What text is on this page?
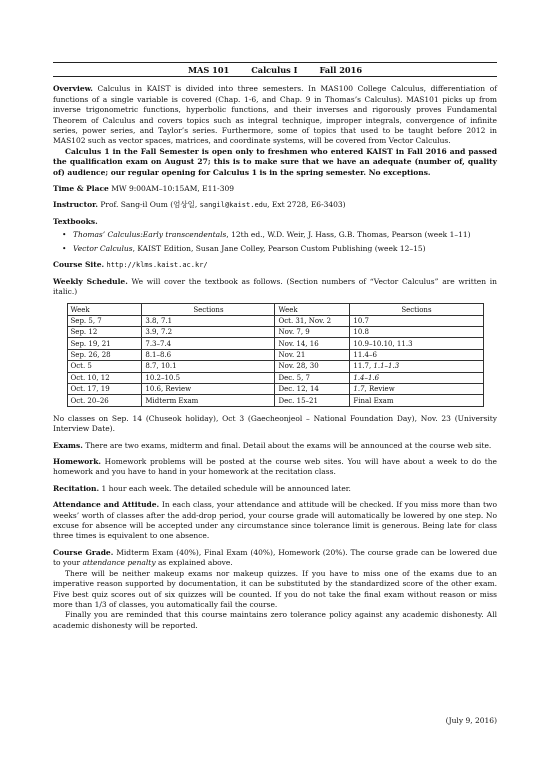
MAS 101	Calculus I	Fall 2016

Overview. Calculus in KAIST is divided into three semesters. In MAS100 College Calculus, differentiation of functions of a single variable is covered (Chap. 1-6, and Chap. 9 in Thomas’s Calculus). MAS101 picks up from inverse trigonometric functions, hyperbolic functions, and their inverses and rigorously proves Fundamental Theorem of Calculus and covers topics such as integral technique, improper integrals, convergence of infinite series, power series, and Taylor’s series. Furthermore, some of topics that used to be taught before 2012 in MAS102 such as vector spaces, matrices, and coordinate systems, will be covered from Vector Calculus.

Calculus 1 in the Fall Semester is open only to freshmen who entered KAIST in Fall 2016 and passed the qualification exam on August 27; this is to make sure that we have an adequate (number of, quality of) audience; our regular opening for Calculus 1 is in the spring semester. No exceptions.

Time & Place MW 9:00AM–10:15AM, E11-309

Instructor. Prof. Sang-il Oum (엄상일, sangil@kaist.edu, Ext 2728, E6-3403)

Textbooks.

• Thomas’ Calculus:Early transcendentals, 12th ed., W.D. Weir, J. Hass, G.B. Thomas, Pearson (week 1–11)
• Vector Calculus, KAIST Edition, Susan Jane Colley, Pearson Custom Publishing (week 12–15)

Course Site. http://klms.kaist.ac.kr/

Weekly Schedule. We will cover the textbook as follows. (Section numbers of “Vector Calculus” are written in italic.)

Week	Sections	Week	Sections
Sep. 5, 7	3.8, 7.1	Oct. 31, Nov. 2	10.7
Sep. 12	3.9, 7.2	Nov. 7, 9	10.8
Sep. 19, 21	7.3–7.4	Nov. 14, 16	10.9–10.10, 11.3
Sep. 26, 28	8.1–8.6	Nov. 21	11.4–6
Oct. 5	8.7, 10.1	Nov. 28, 30	11.7, 1.1–1.3
Oct. 10, 12	10.2–10.5	Dec. 5, 7	1.4–1.6
Oct. 17, 19	10.6, Review	Dec. 12, 14	1.7, Review
Oct. 20–26	Midterm Exam	Dec. 15–21	Final Exam

No classes on Sep. 14 (Chuseok holiday), Oct 3 (Gaecheonjeol – National Foundation Day), Nov. 23 (University Interview Date).

Exams. There are two exams, midterm and final. Detail about the exams will be announced at the course web site.

Homework. Homework problems will be posted at the course web sites. You will have about a week to do the homework and you have to hand in your homework at the recitation class.

Recitation. 1 hour each week. The detailed schedule will be announced later.

Attendance and Attitude. In each class, your attendance and attitude will be checked. If you miss more than two weeks’ worth of classes after the add-drop period, your course grade will automatically be lowered by one step. No excuse for absence will be accepted under any circumstance since tolerance limit is generous. Being late for class three times is equivalent to one absence.

Course Grade. Midterm Exam (40%), Final Exam (40%), Homework (20%). The course grade can be lowered due to your attendance penalty as explained above.

There will be neither makeup exams nor makeup quizzes. If you have to miss one of the exams due to an imperative reason supported by documentation, it can be substituted by the standardized score of the other exam. Five best quiz scores out of six quizzes will be counted. If you do not take the final exam without reason or miss more than 1/3 of classes, you automatically fail the course.

Finally you are reminded that this course maintains zero tolerance policy against any academic dishonesty. All academic dishonesty will be reported.

(July 9, 2016)
